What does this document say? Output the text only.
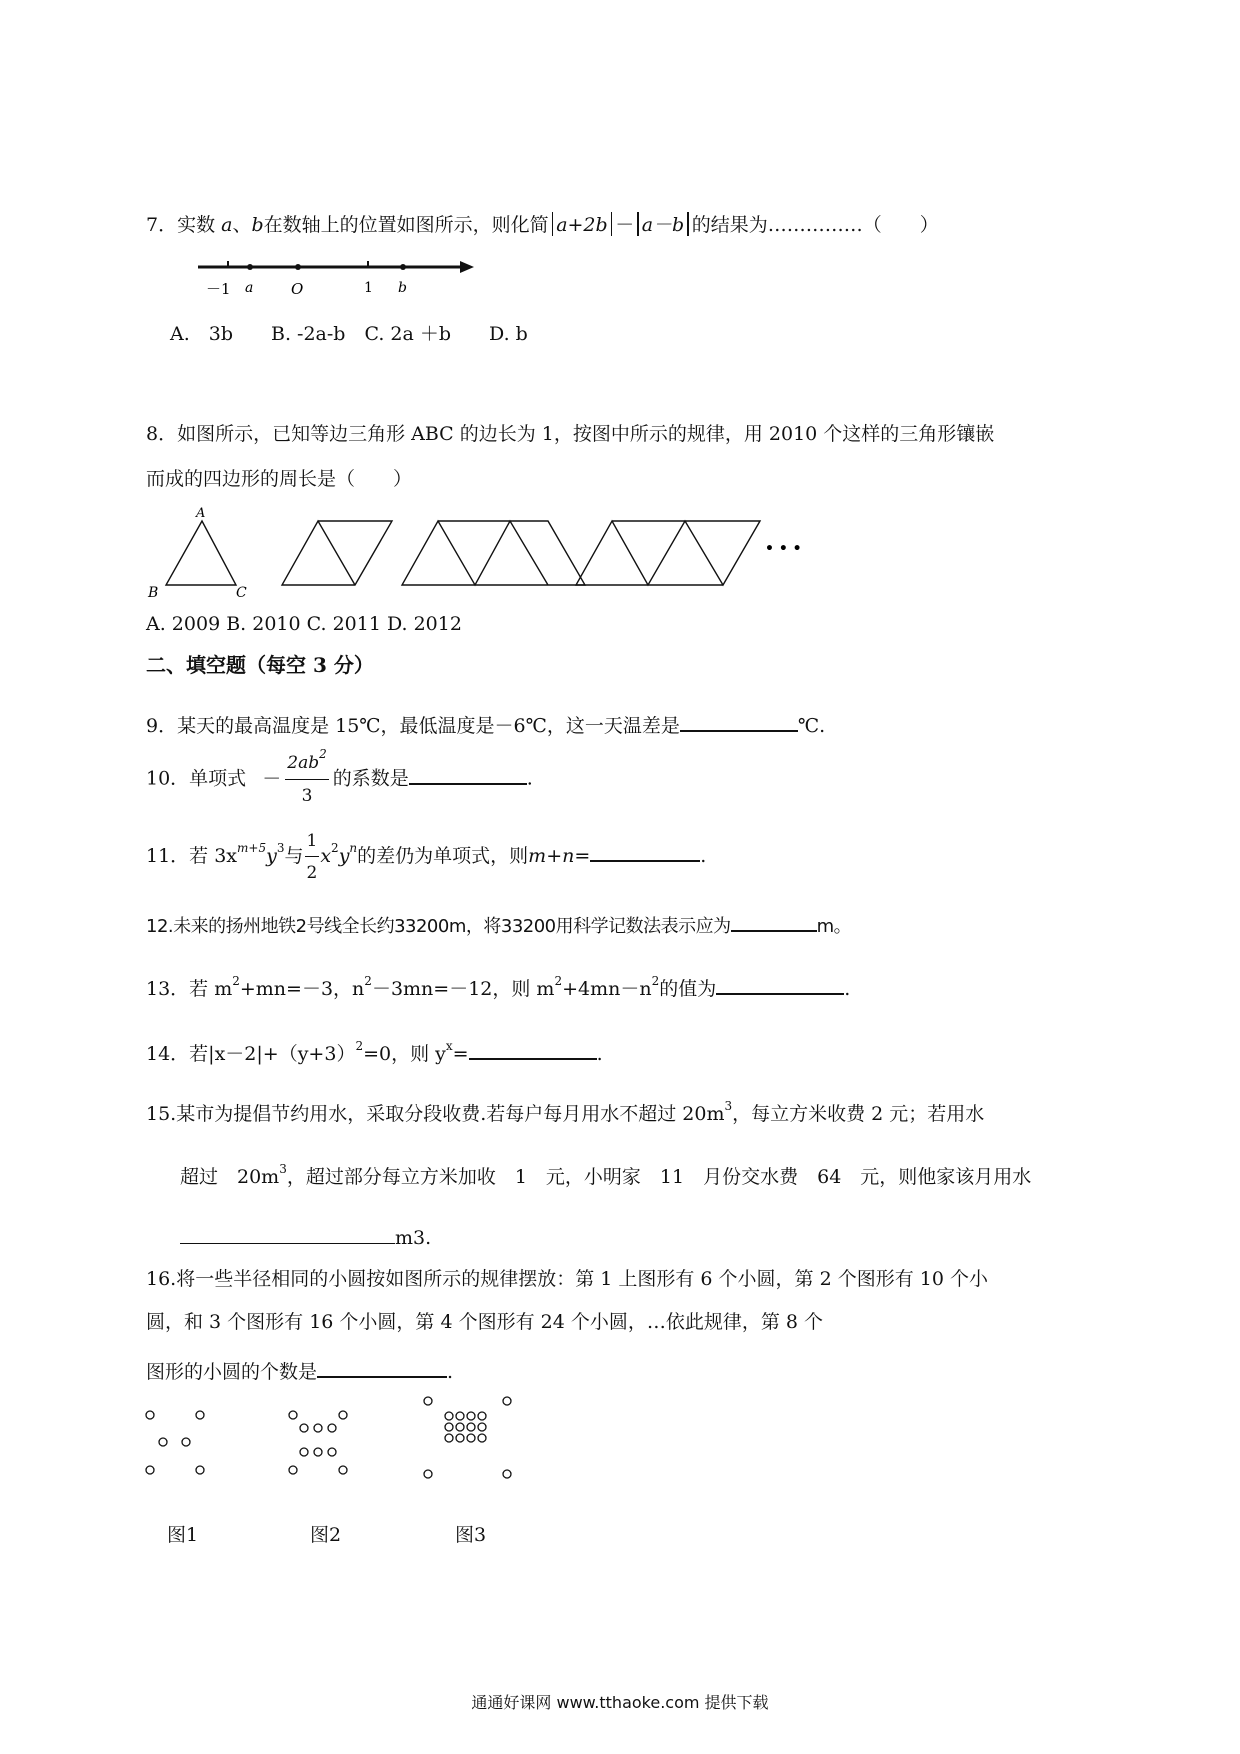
7．实数 a、b在数轴上的位置如图所示，则化简 a+2b － a－b 的结果为……………（　　）
－1 a	O	1 b
A.　3b　　B. -2a-b　C. 2a ＋b　　D. b
8．如图所示，已知等边三角形 ABC 的边长为 1，按图中所示的规律，用 2010 个这样的三角形镶嵌
而成的四边形的周长是（　　）
A
B	C
• • •
A. 2009 B. 2010 C. 2011 D. 2012
二、填空题（每空 3 分）
9．某天的最高温度是 15℃，最低温度是－6℃，这一天温差是	℃.
10．单项式 － $\frac{2ab^2}{3}$ 的系数是	.
11．若 $3x^{m+5}y^3$与 $\frac{1}{2} x^2y^n$的差仍为单项式，则m+n=	.
12.未来的扬州地铁2号线全长约33200m，将33200用科学记数法表示应为	m。
13．若 $m^2+mn=-3$，$n^2-3mn=-12$，则 $m^2+4mn-n^2$的值为	.
14．若$|x-2|+(y+3)^2=0$，则 $y^x=$	.
15.某市为提倡节约用水，采取分段收费.若每户每月用水不超过 $20m^3$，每立方米收费 2 元；若用水
超过　$20m^3$，超过部分每立方米加收　1　元，小明家　11　月份交水费　64　元，则他家该月用水
m3.
16.将一些半径相同的小圆按如图所示的规律摆放：第 1 上图形有 6 个小圆，第 2 个图形有 10 个小
圆，和 3 个图形有 16 个小圆，第 4 个图形有 24 个小圆，…依此规律，第 8 个
图形的小圆的个数是	.
图1	图2	图3
通通好课网 www.tthaoke.com 提供下载
